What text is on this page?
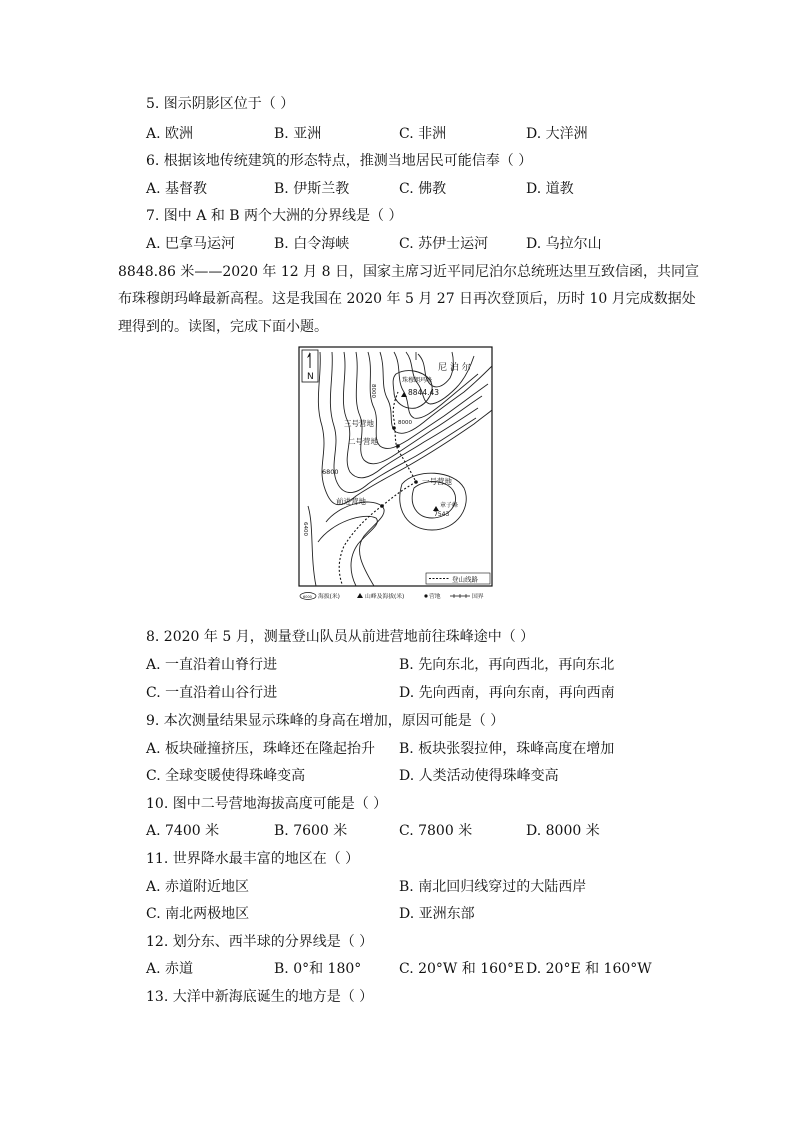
5. 图示阴影区位于（ ）
A. 欧洲	B. 亚洲	C. 非洲	D. 大洋洲
6. 根据该地传统建筑的形态特点，推测当地居民可能信奉（ ）
A. 基督教	B. 伊斯兰教	C. 佛教	D. 道教
7. 图中 A 和 B 两个大洲的分界线是（ ）
A. 巴拿马运河	B. 白令海峡	C. 苏伊士运河	D. 乌拉尔山
8848.86 米——2020 年 12 月 8 日，国家主席习近平同尼泊尔总统班达里互致信函，共同宣
布珠穆朗玛峰最新高程。这是我国在 2020 年 5 月 27 日再次登顶后，历时 10 月完成数据处
理得到的。读图，完成下面小题。
N
尼 泊 尔
珠穆朗玛峰
8844.43
三号营地
二号营地
一号营地
前进营地	章子峰
7543
6800
8000
6400
8000
登山线路
6000 海拔(米)	山峰及海拔(米)	营地	国界
8. 2020 年 5 月，测量登山队员从前进营地前往珠峰途中（ ）
A. 一直沿着山脊行进	B. 先向东北，再向西北，再向东北
C. 一直沿着山谷行进	D. 先向西南，再向东南，再向西南
9. 本次测量结果显示珠峰的身高在增加，原因可能是（ ）
A. 板块碰撞挤压，珠峰还在隆起抬升 B. 板块张裂拉伸，珠峰高度在增加
C. 全球变暖使得珠峰变高	D. 人类活动使得珠峰变高
10. 图中二号营地海拔高度可能是（ ）
A. 7400 米	B. 7600 米	C. 7800 米	D. 8000 米
11. 世界降水最丰富的地区在（ ）
A. 赤道附近地区	B. 南北回归线穿过的大陆西岸
C. 南北两极地区	D. 亚洲东部
12. 划分东、西半球的分界线是（ ）
A. 赤道	B. 0°和 180°	C. 20°W 和 160°E D. 20°E 和 160°W
13. 大洋中新海底诞生的地方是（ ）
